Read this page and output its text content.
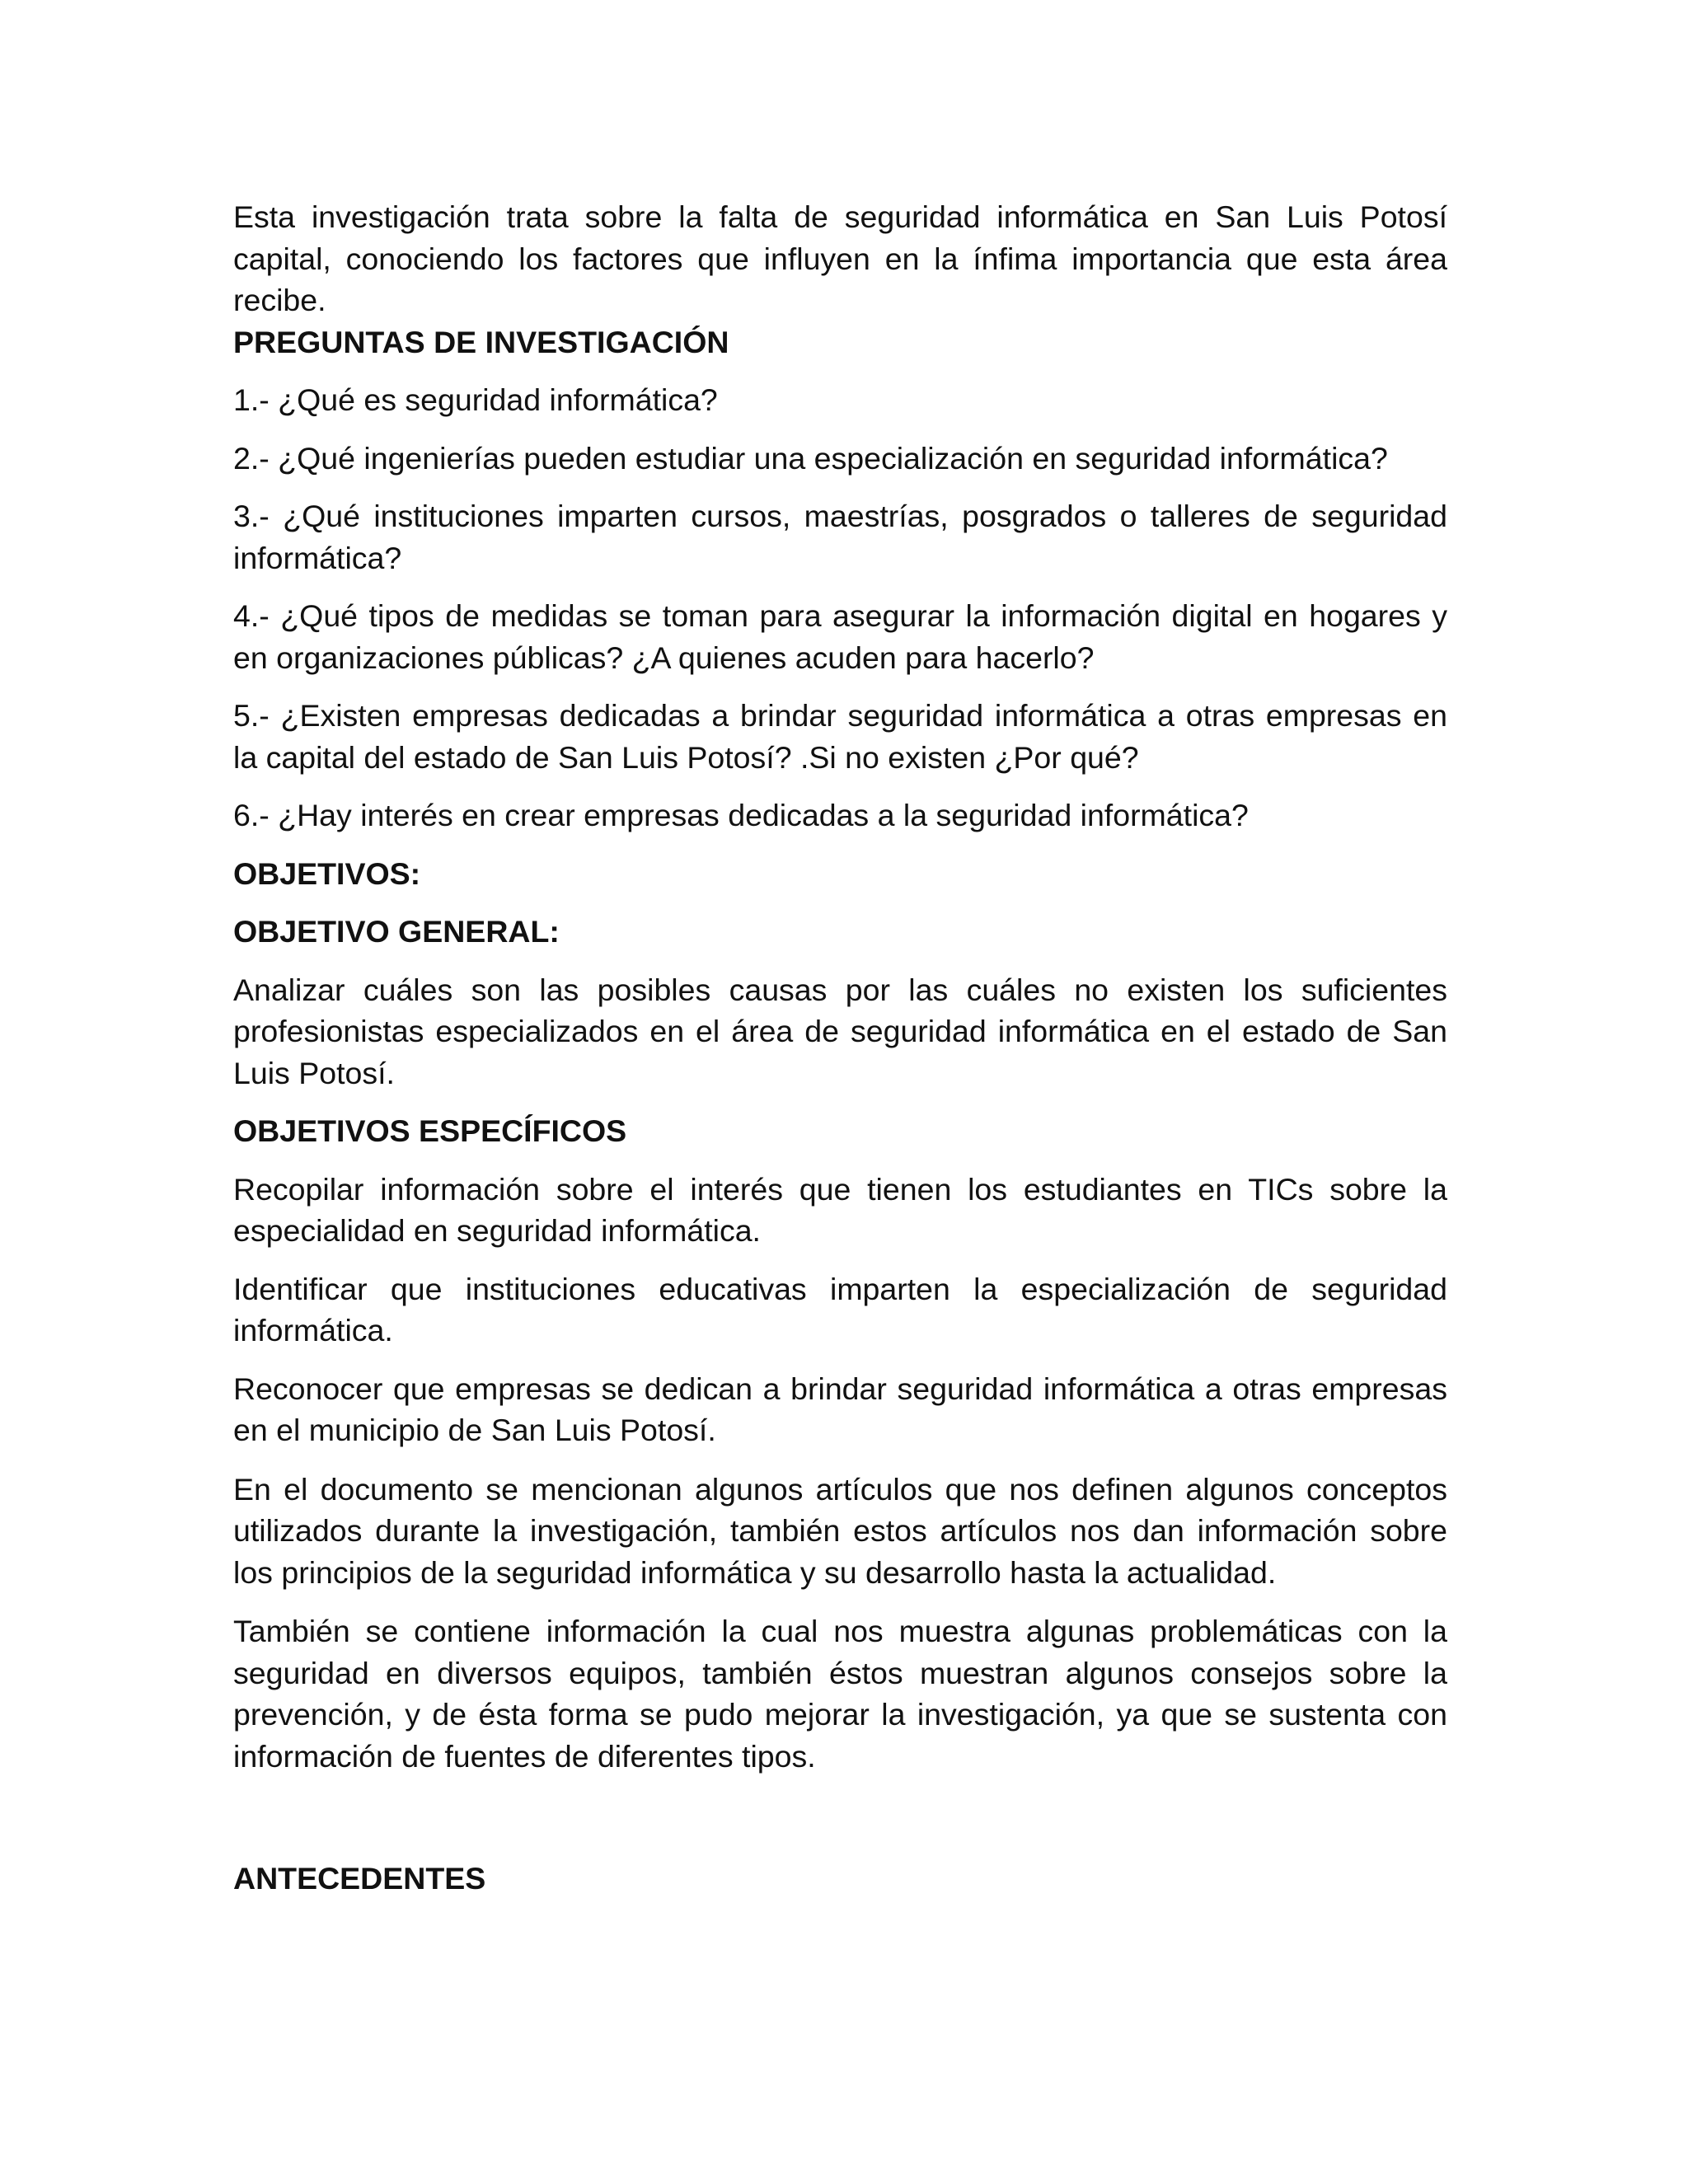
Esta investigación trata sobre la falta de seguridad informática en San Luis Potosí capital, conociendo los factores que influyen en la ínfima importancia que esta área recibe.

PREGUNTAS DE INVESTIGACIÓN

1.- ¿Qué es seguridad informática?

2.- ¿Qué ingenierías pueden estudiar una especialización en seguridad informática?

3.- ¿Qué instituciones imparten cursos, maestrías, posgrados o talleres de seguridad informática?

4.- ¿Qué tipos de medidas se toman para asegurar la información digital en hogares y en organizaciones públicas? ¿A quienes acuden para hacerlo?

5.- ¿Existen empresas dedicadas a brindar seguridad informática a otras empresas en la capital del estado de San Luis Potosí? .Si no existen ¿Por qué?

6.- ¿Hay interés en crear empresas dedicadas a la seguridad informática?

OBJETIVOS:

OBJETIVO GENERAL:

Analizar cuáles son las posibles causas por las cuáles no existen los suficientes profesionistas especializados en el área de seguridad informática en el estado de San Luis Potosí.

OBJETIVOS ESPECÍFICOS

Recopilar información sobre el interés que tienen los estudiantes en TICs sobre la especialidad en seguridad informática.

Identificar que instituciones educativas imparten la especialización de seguridad informática.

Reconocer que empresas se dedican a brindar seguridad informática a otras empresas en el municipio de San Luis Potosí.

En el documento se mencionan algunos artículos que nos definen algunos conceptos utilizados durante la investigación, también estos artículos nos dan información sobre los principios de la seguridad informática y su desarrollo hasta la actualidad.

También se contiene información la cual nos muestra algunas problemáticas con la seguridad en diversos equipos, también éstos muestran algunos consejos sobre la prevención, y de ésta forma se pudo mejorar la investigación, ya que se sustenta con información de fuentes de diferentes tipos.

ANTECEDENTES
